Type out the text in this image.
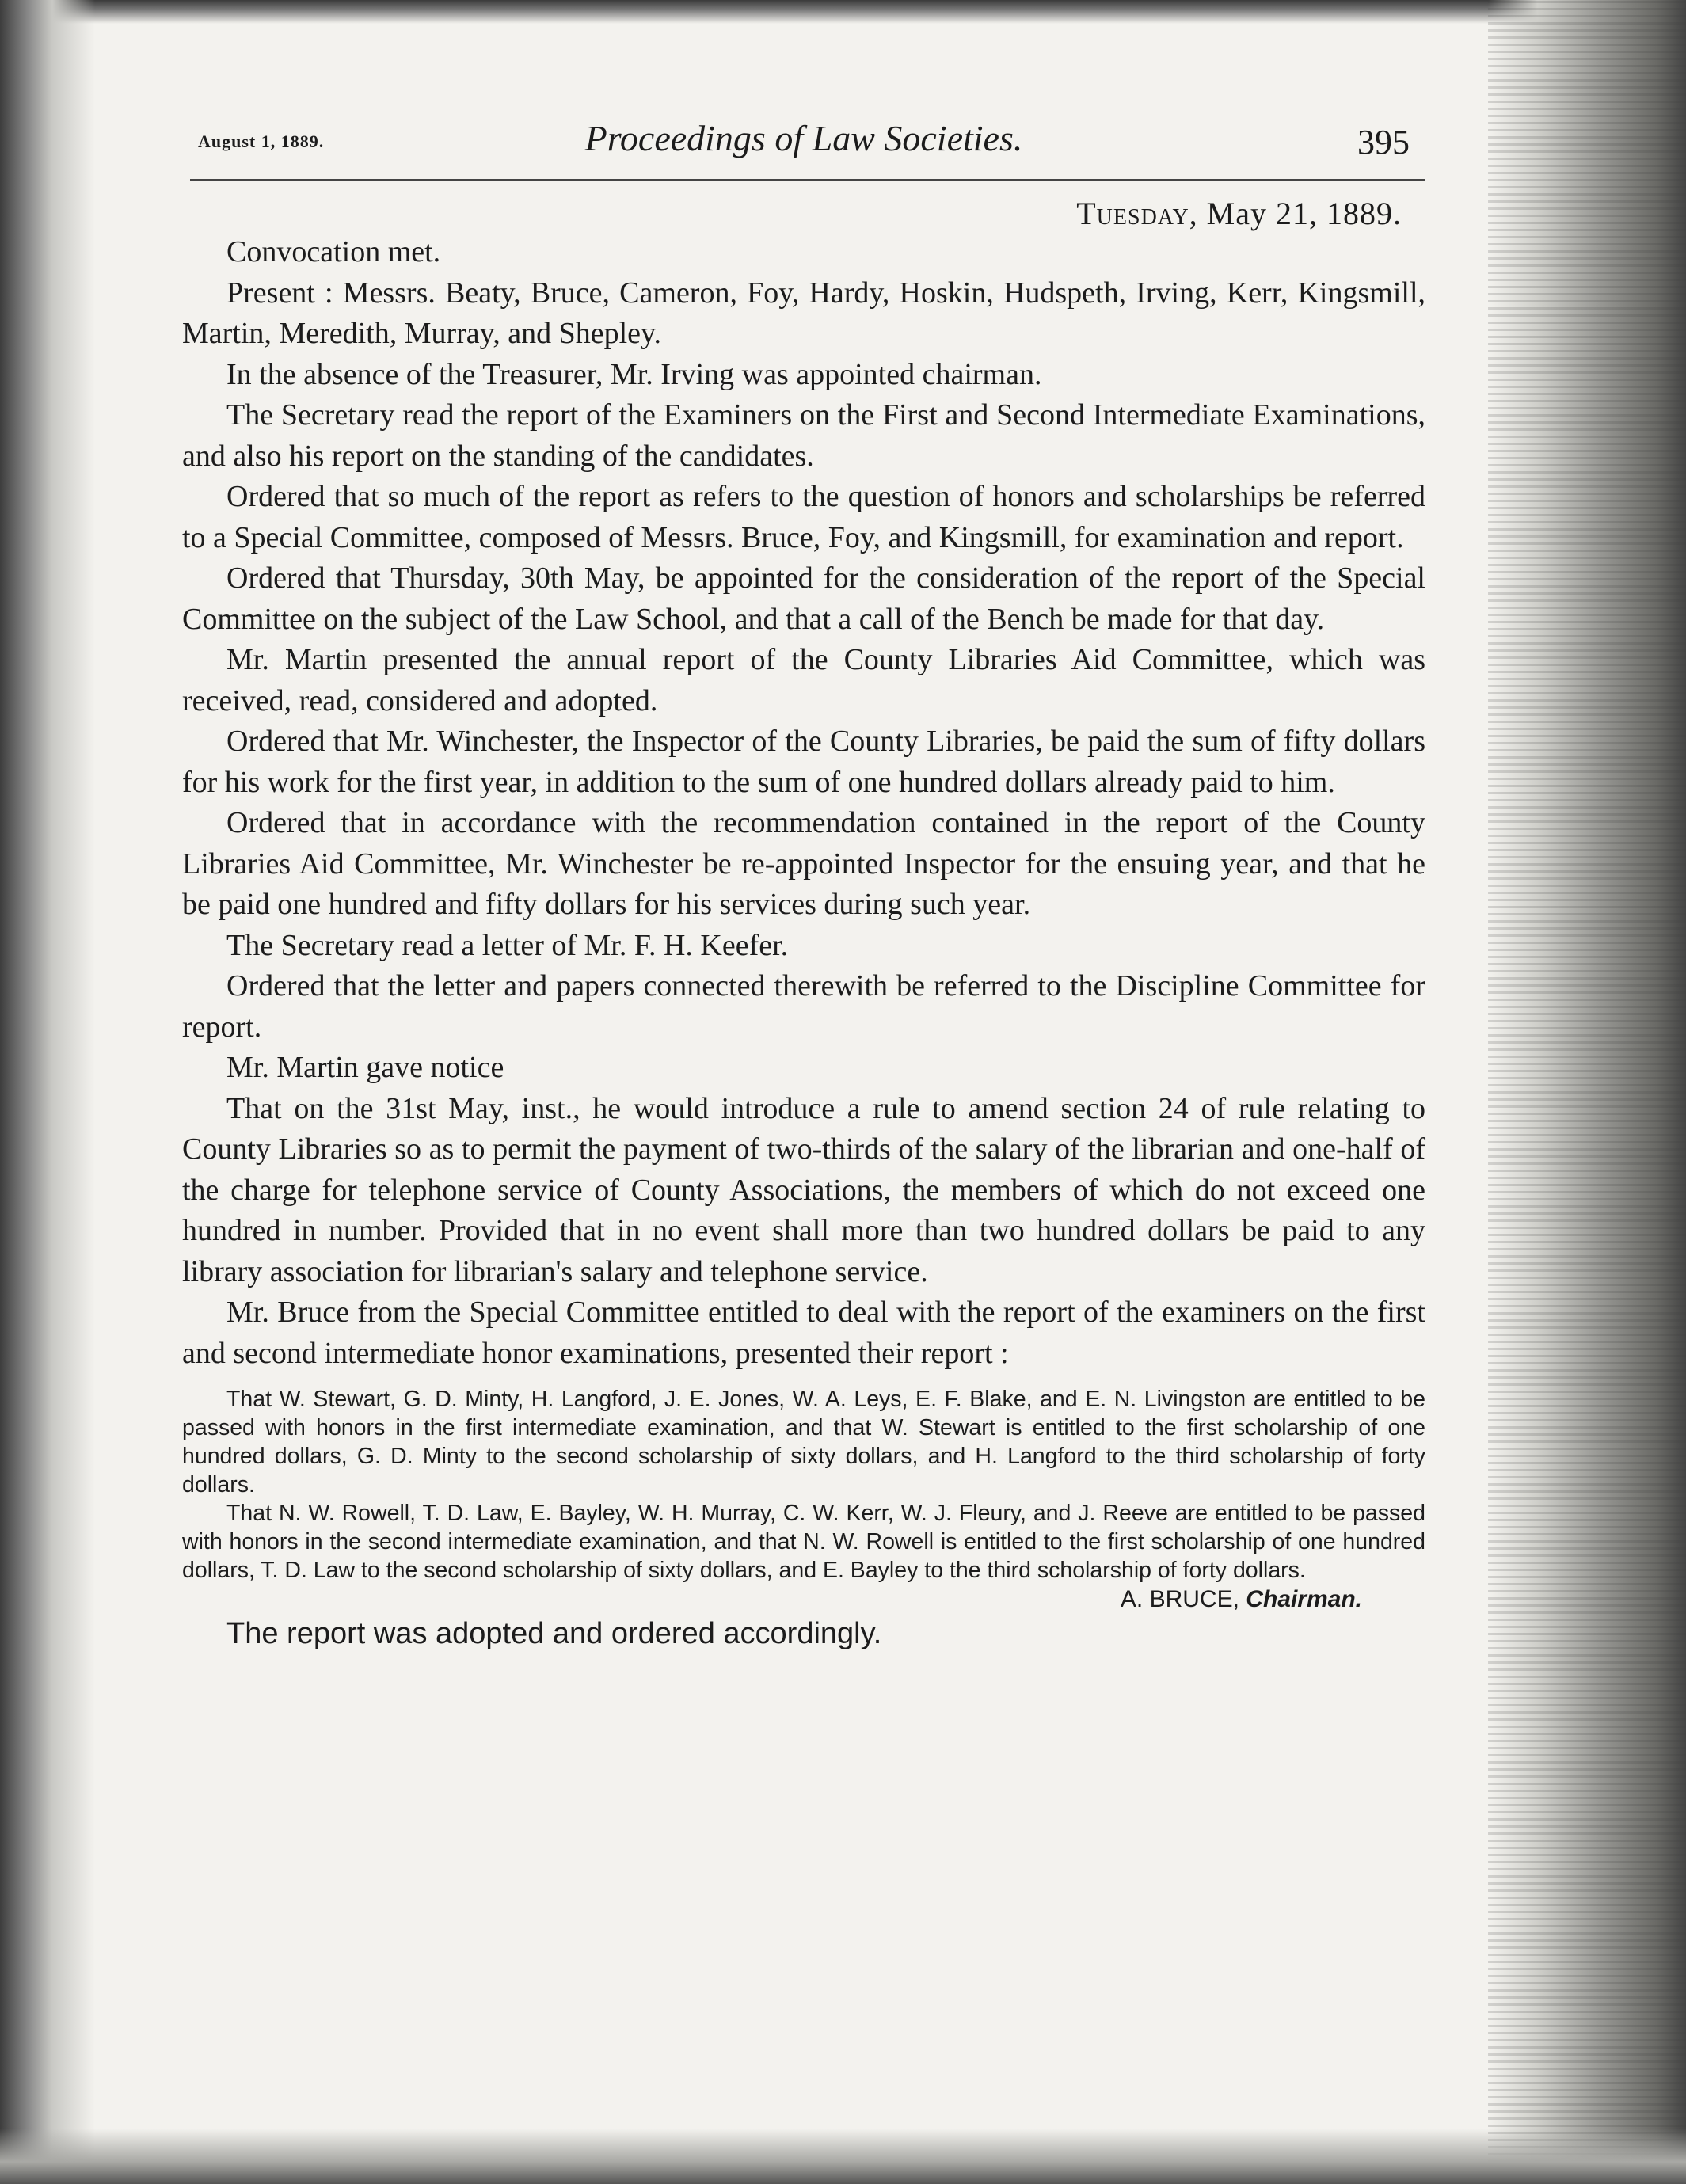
August 1, 1889.	Proceedings of Law Societies.	395
Tuesday, May 21, 1889.

Convocation met.

Present : Messrs. Beaty, Bruce, Cameron, Foy, Hardy, Hoskin, Hudspeth, Irving, Kerr, Kingsmill, Martin, Meredith, Murray, and Shepley.

In the absence of the Treasurer, Mr. Irving was appointed chairman.

The Secretary read the report of the Examiners on the First and Second Intermediate Examinations, and also his report on the standing of the candidates.

Ordered that so much of the report as refers to the question of honors and scholarships be referred to a Special Committee, composed of Messrs. Bruce, Foy, and Kingsmill, for examination and report.

Ordered that Thursday, 30th May, be appointed for the consideration of the report of the Special Committee on the subject of the Law School, and that a call of the Bench be made for that day.

Mr. Martin presented the annual report of the County Libraries Aid Committee, which was received, read, considered and adopted.

Ordered that Mr. Winchester, the Inspector of the County Libraries, be paid the sum of fifty dollars for his work for the first year, in addition to the sum of one hundred dollars already paid to him.

Ordered that in accordance with the recommendation contained in the report of the County Libraries Aid Committee, Mr. Winchester be re-appointed Inspector for the ensuing year, and that he be paid one hundred and fifty dollars for his services during such year.

The Secretary read a letter of Mr. F. H. Keefer.

Ordered that the letter and papers connected therewith be referred to the Discipline Committee for report.

Mr. Martin gave notice

That on the 31st May, inst., he would introduce a rule to amend section 24 of rule relating to County Libraries so as to permit the payment of two-thirds of the salary of the librarian and one-half of the charge for telephone service of County Associations, the members of which do not exceed one hundred in number. Provided that in no event shall more than two hundred dollars be paid to any library association for librarian's salary and telephone service.

Mr. Bruce from the Special Committee entitled to deal with the report of the examiners on the first and second intermediate honor examinations, presented their report :

That W. Stewart, G. D. Minty, H. Langford, J. E. Jones, W. A. Leys, E. F. Blake, and E. N. Livingston are entitled to be passed with honors in the first intermediate examination, and that W. Stewart is entitled to the first scholarship of one hundred dollars, G. D. Minty to the second scholarship of sixty dollars, and H. Langford to the third scholarship of forty dollars.

That N. W. Rowell, T. D. Law, E. Bayley, W. H. Murray, C. W. Kerr, W. J. Fleury, and J. Reeve are entitled to be passed with honors in the second intermediate examination, and that N. W. Rowell is entitled to the first scholarship of one hundred dollars, T. D. Law to the second scholarship of sixty dollars, and E. Bayley to the third scholarship of forty dollars.

A. BRUCE, Chairman.

The report was adopted and ordered accordingly.
